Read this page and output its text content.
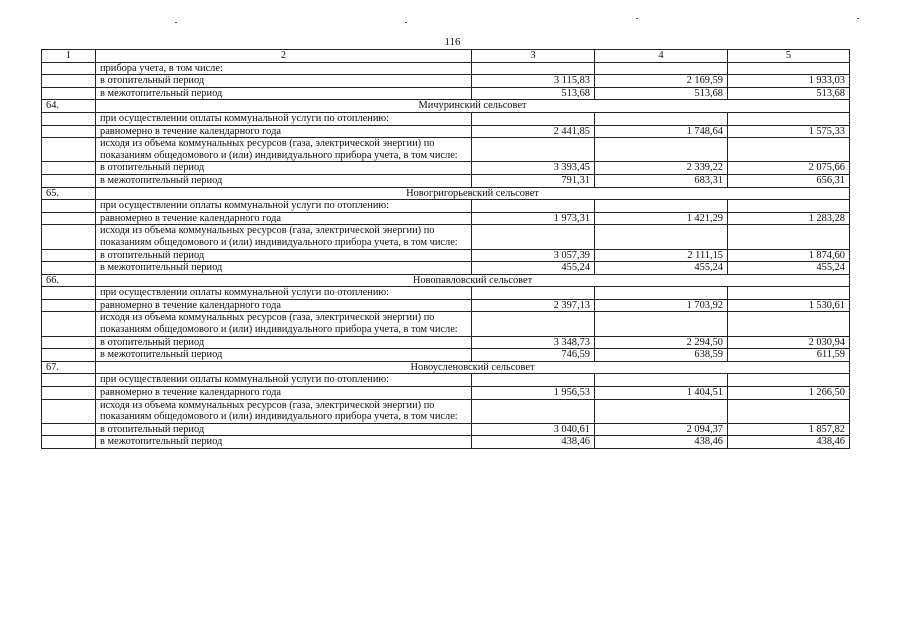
116
1	2	3	4	5
	прибора учета, в том числе:			
	в отопительный период	3 115,83	2 169,59	1 933,03
	в межотопительный период	513,68	513,68	513,68
64.	Мичуринский сельсовет			
	при осуществлении оплаты коммунальной услуги по отоплению:			
	равномерно в течение календарного года	2 441,85	1 748,64	1 575,33
	исходя из объема коммунальных ресурсов (газа, электрической энергии) по показаниям общедомового и (или) индивидуального прибора учета, в том числе:			
	в отопительный период	3 393,45	2 339,22	2 075,66
	в межотопительный период	791,31	683,31	656,31
65.	Новогригорьевский сельсовет			
	при осуществлении оплаты коммунальной услуги по отоплению:			
	равномерно в течение календарного года	1 973,31	1 421,29	1 283,28
	исходя из объема коммунальных ресурсов (газа, электрической энергии) по показаниям общедомового и (или) индивидуального прибора учета, в том числе:			
	в отопительный период	3 057,39	2 111,15	1 874,60
	в межотопительный период	455,24	455,24	455,24
66.	Новопавловский сельсовет			
	при осуществлении оплаты коммунальной услуги по отоплению:			
	равномерно в течение календарного года	2 397,13	1 703,92	1 530,61
	исходя из объема коммунальных ресурсов (газа, электрической энергии) по показаниям общедомового и (или) индивидуального прибора учета, в том числе:			
	в отопительный период	3 348,73	2 294,50	2 030,94
	в межотопительный период	746,59	638,59	611,59
67.	Новоусленовский сельсовет			
	при осуществлении оплаты коммунальной услуги по отоплению:			
	равномерно в течение календарного года	1 956,53	1 404,51	1 266,50
	исходя из объема коммунальных ресурсов (газа, электрической энергии) по показаниям общедомового и (или) индивидуального прибора учета, в том числе:			
	в отопительный период	3 040,61	2 094,37	1 857,82
	в межотопительный период	438,46	438,46	438,46
